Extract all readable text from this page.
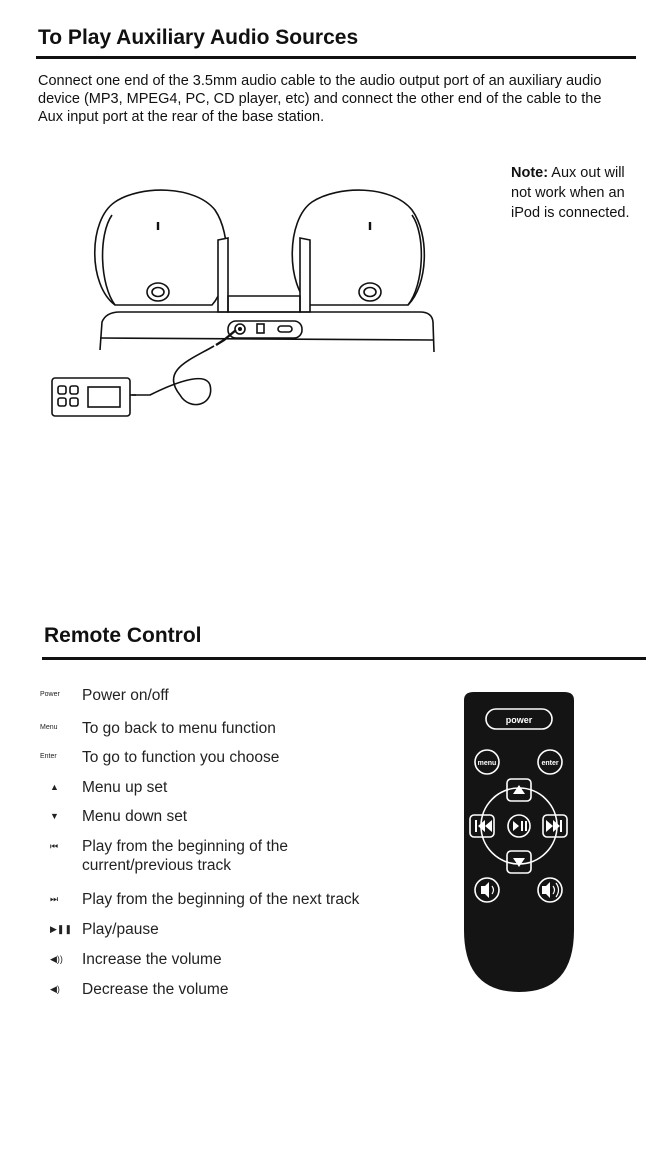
To Play Auxiliary Audio Sources

Connect one end of the 3.5mm audio cable to the audio output port of an auxiliary audio device (MP3, MPEG4, PC, CD player, etc) and connect the other end of the cable to the Aux input port at the rear of the base station.

Note: Aux out will not work when an iPod is connected.
Remote Control
Power	Power on/off
Menu	To go back to menu function
Enter	To go to function you choose
▲	Menu up set
▼	Menu down set
⏮	Play from the beginning of the current/previous track
⏭	Play from the beginning of the next track
▶❚❚ Play/pause
◀))	Increase the volume
◀)	Decrease the volume
power
menu	enter
